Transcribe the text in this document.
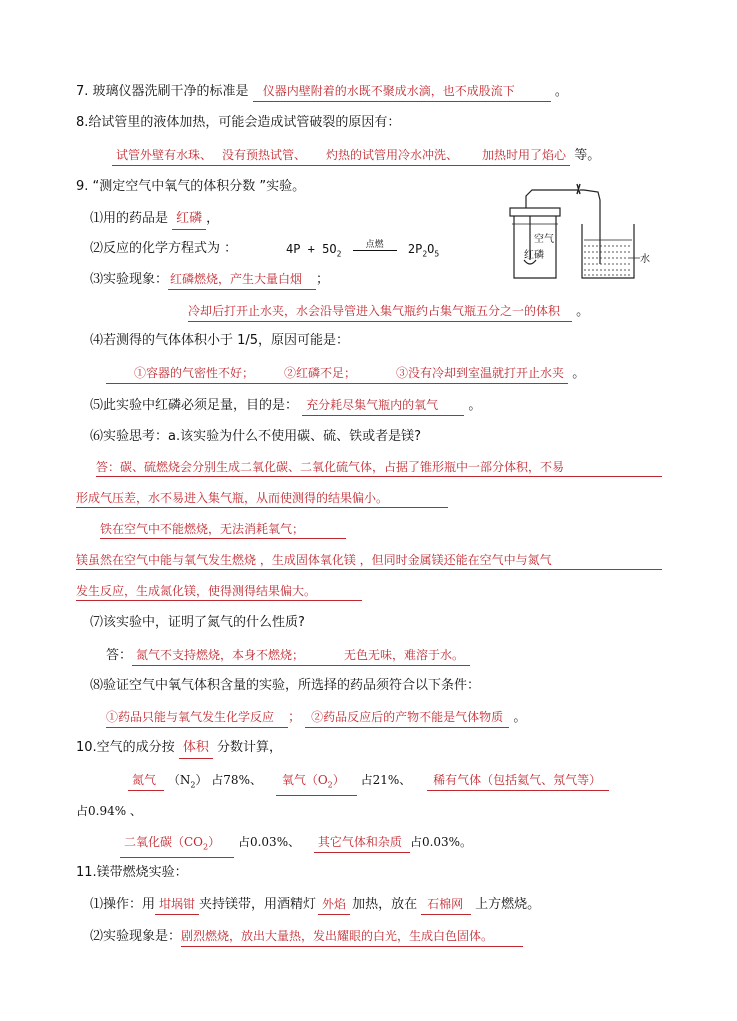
7. 玻璃仪器洗刷干净的标准是 仪器内壁附着的水既不聚成水滴，也不成股流下	。
8.给试管里的液体加热，可能会造成试管破裂的原因有：
试管外壁有水珠、 没有预热试管、 灼热的试管用冷水冲洗、 加热时用了焰心 等。
9. “测定空气中氧气的体积分数 ”实验。
⑴用的药品是 红磷 ，
⑵反应的化学方程式为 ：	$4P + 5O_2$ 点燃 $2P_2O_5$
⑶实验现象： 红磷燃烧，产生大量白烟 ；
冷却后打开止水夹，水会沿导管进入集气瓶约占集气瓶五分之一的体积 。
空气
红磷	水
⑷若测得的气体体积小于 1/5，原因可能是：
①容器的气密性不好；	②红磷不足；	③没有冷却到室温就打开止水夹 。
⑸此实验中红磷必须足量，目的是： 充分耗尽集气瓶内的氧气 。
⑹实验思考：a.该实验为什么不使用碳、硫、铁或者是镁?
答：碳、硫燃烧会分别生成二氧化碳、二氧化硫气体，占据了锥形瓶中一部分体积，不易
形成气压差，水不易进入集气瓶，从而使测得的结果偏小。
铁在空气中不能燃烧，无法消耗氧气；
镁虽然在空气中能与氧气发生燃烧 ，生成固体氧化镁 ，但同时金属镁还能在空气中与氮气
发生反应，生成氮化镁，使得测得结果偏大。
⑺该实验中，证明了氮气的什么性质?
答： 氮气不支持燃烧，本身不燃烧；	无色无味，难溶于水。
⑻验证空气中氧气体积含量的实验，所选择的药品须符合以下条件：
①药品只能与氧气发生化学反应 ； ②药品反应后的产物不能是气体物质 。
10.空气的成分按 体积 分数计算，
氮气 $(N_2)$ 占78%、 氧气$(O_2)$ 占21%、 稀有气体（包括氦气、氖气等）
占0.94% 、
二氧化碳$(CO_2)$ 占0.03%、 其它气体和杂质 占0.03%。
11.镁带燃烧实验：
⑴操作：用 坩埚钳 夹持镁带，用酒精灯 外焰 加热，放在 石棉网 上方燃烧。
⑵实验现象是：剧烈燃烧，放出大量热，发出耀眼的白光，生成白色固体。
